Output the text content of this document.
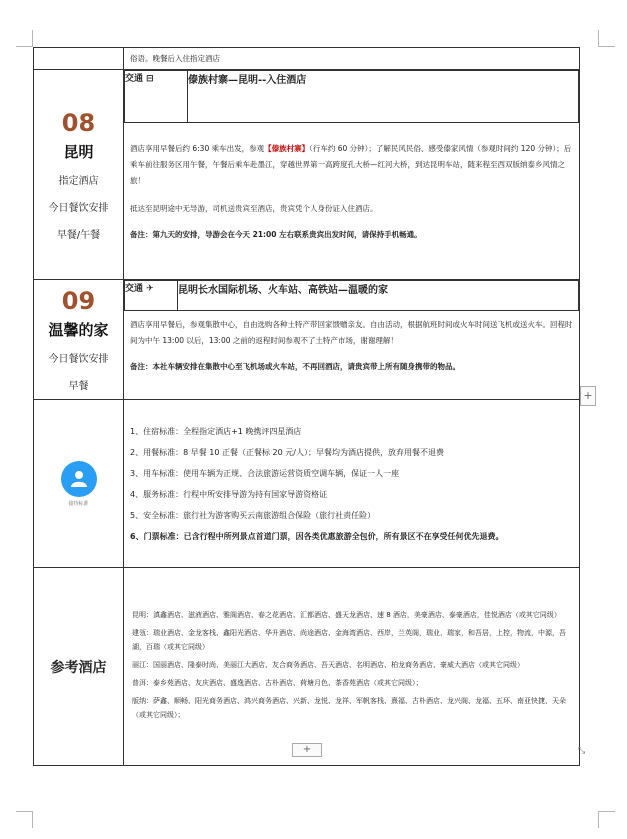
俗语。晚餐后入住指定酒店

08
昆明
指定酒店
今日餐饮安排
早餐/午餐

交通 ⊟	傣族村寨—昆明--入住酒店
酒店享用早餐后约 6:30 乘车出发，参观【傣族村寨】（行车约 60 分钟）；了解民风民俗、感受傣家风情（参观时间约 120 分钟）；后乘车前往服务区用午餐，午餐后乘车赴墨江，穿越世界第一高跨度孔大桥—红河大桥，到达昆明车站，随来程至西双版纳泰乡风情之旅！
抵达至昆明途中无导游，司机送贵宾至酒店，贵宾凭个人身份证入住酒店。
备注：第九天的安排，导游会在今天 21:00 左右联系贵宾出发时间，请保持手机畅通。

09
温馨的家
今日餐饮安排
早餐

交通 ✈	昆明长水国际机场、火车站、高铁站—温暖的家
酒店享用早餐后，参观集散中心，自由选购各种土特产带回家馈赠亲友。自由活动，根据航班时间或火车时间送飞机或送火车。回程时间为中午 13:00 以后，13:00 之前的返程时间参观不了土特产市场，谢谢理解！
备注：本社车辆安排在集散中心至飞机场或火车站，不再回酒店，请贵宾带上所有随身携带的物品。

接待标准

1、住宿标准：全程指定酒店+1 晚携评四星酒店

2、用餐标准：8 早餐 10 正餐（正餐标 20 元/人）；早餐均为酒店提供，放弃用餐不退费

3、用车标准：使用车辆为正规、合法旅游运营资质空调车辆，保证一人一座

4、服务标准：行程中所安排导游为持有国家导游资格证

5、安全标准：旅行社为游客购买云南旅游组合保险（旅行社责任险）

6、门票标准：已含行程中所列景点首道门票，因各类优惠旅游全包价，所有景区不在享受任何优先退费。

参考酒店

昆明：滇鑫酒店、滋液酒店、雅阁酒店、春之花酒店、汇都酒店、盛天龙酒店、速 8 酒店，美豪酒店、泰豪酒店，佳悦酒店（或其它同级）

建瓴：瑞业酒店、金龙客栈、鑫阳光酒店、华升酒店、尚途酒店、金海湾酒店、西岸，兰英阁，瑞业，瑞家，和吾居，上控，物流，中源，吾湖，百瑞（或其它同级）

丽江：国丽酒店、隆泰时尚、美丽江大酒店、友合商务酒店、吾天酒店、名明酒店、柏龙商务酒店、豪威大酒店（或其它同级）

普洱：泰乡苑酒店、友庆酒店、盛逸酒店、古朴酒店、荷塘月色、茶香苑酒店（或其它同级）；

版纳：萨鑫、顺畅、阳光商务酒店、鸿兴商务酒店、兴新、龙悦、龙祥、军帆客栈、熹福、古朴酒店、龙兴阁、龙福、五环、南亚快捷、天朵（或其它同级）；

+
+	⤡
